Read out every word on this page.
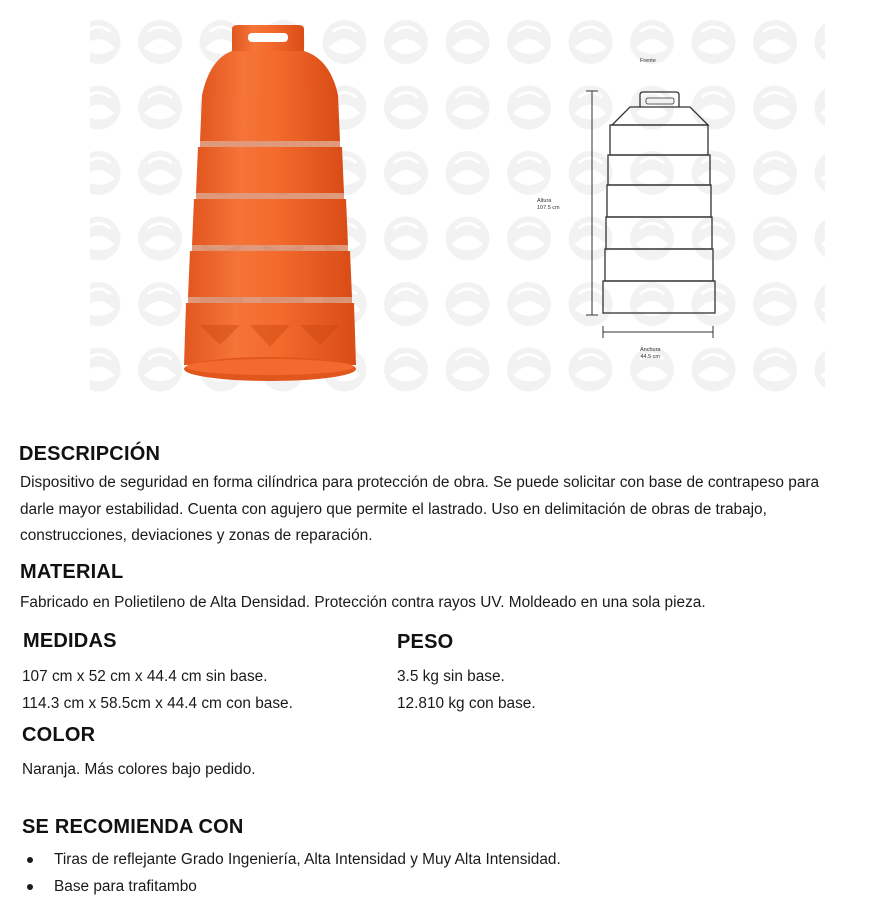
Frente
Altura
107.5 cm
Anchura
44.5 cm
DESCRIPCIÓN

Dispositivo de seguridad en forma cilíndrica para protección de obra. Se puede solicitar con base de contrapeso para darle mayor estabilidad. Cuenta con agujero que permite el lastrado. Uso en delimitación de obras de trabajo, construcciones, deviaciones y zonas de reparación.

MATERIAL

Fabricado en Polietileno de Alta Densidad. Protección contra rayos UV. Moldeado en una sola pieza.

MEDIDAS
107 cm x 52 cm x 44.4 cm sin base.
114.3 cm x 58.5cm x 44.4 cm con base.
PESO
3.5 kg sin base.
12.810 kg con base.
COLOR

Naranja. Más colores bajo pedido.

SE RECOMIENDA CON
Tiras de reflejante Grado Ingeniería, Alta Intensidad y Muy Alta Intensidad.
Base para trafitambo
